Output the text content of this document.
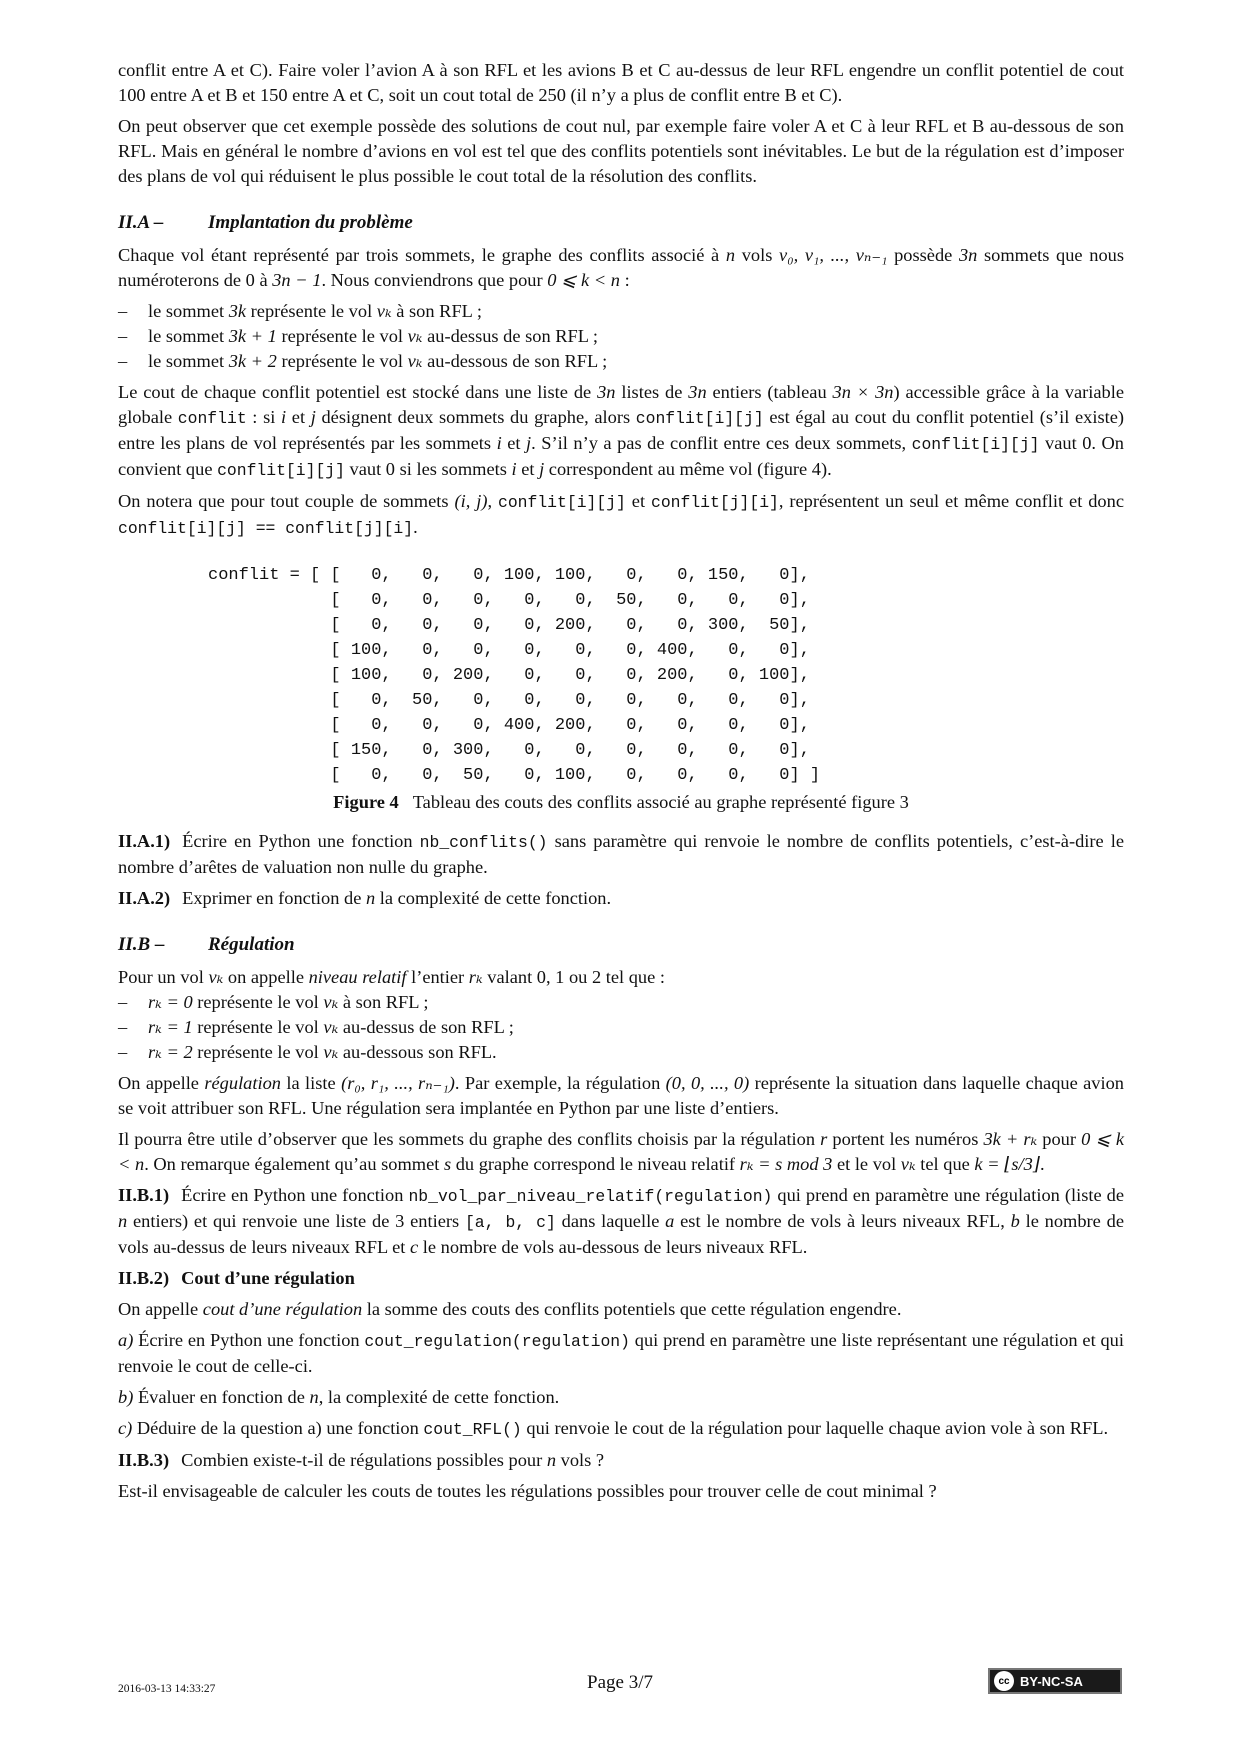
conflit entre A et C). Faire voler l’avion A à son RFL et les avions B et C au-dessus de leur RFL engendre un conflit potentiel de cout 100 entre A et B et 150 entre A et C, soit un cout total de 250 (il n’y a plus de conflit entre B et C).

On peut observer que cet exemple possède des solutions de cout nul, par exemple faire voler A et C à leur RFL et B au-dessous de son RFL. Mais en général le nombre d’avions en vol est tel que des conflits potentiels sont inévitables. Le but de la régulation est d’imposer des plans de vol qui réduisent le plus possible le cout total de la résolution des conflits.

II.A – Implantation du problème

Chaque vol étant représenté par trois sommets, le graphe des conflits associé à n vols v₀, v₁, ..., vₙ₋₁ possède 3n sommets que nous numéroterons de 0 à 3n − 1. Nous conviendrons que pour 0 ⩽ k < n :

– le sommet 3k représente le vol vₖ à son RFL ;
– le sommet 3k + 1 représente le vol vₖ au-dessus de son RFL ;
– le sommet 3k + 2 représente le vol vₖ au-dessous de son RFL ;

Le cout de chaque conflit potentiel est stocké dans une liste de 3n listes de 3n entiers (tableau 3n × 3n) accessible grâce à la variable globale conflit : si i et j désignent deux sommets du graphe, alors conflit[i][j] est égal au cout du conflit potentiel (s’il existe) entre les plans de vol représentés par les sommets i et j. S’il n’y a pas de conflit entre ces deux sommets, conflit[i][j] vaut 0. On convient que conflit[i][j] vaut 0 si les sommets i et j correspondent au même vol (figure 4).

On notera que pour tout couple de sommets (i, j), conflit[i][j] et conflit[j][i], représentent un seul et même conflit et donc conflit[i][j] == conflit[j][i].

conflit = [ [   0,   0,   0, 100, 100,   0,   0, 150,   0],
[   0,   0,   0,   0,   0,  50,   0,   0,   0],
[   0,   0,   0,   0, 200,   0,   0, 300,  50],
[ 100,   0,   0,   0,   0,   0, 400,   0,   0],
[ 100,   0, 200,   0,   0,   0, 200,   0, 100],
[   0,  50,   0,   0,   0,   0,   0,   0,   0],
[   0,   0,   0, 400, 200,   0,   0,   0,   0],
[ 150,   0, 300,   0,   0,   0,   0,   0,   0],
[   0,   0,  50,   0, 100,   0,   0,   0,   0] ]
Figure 4 Tableau des couts des conflits associé au graphe représenté figure 3

II.A.1) Écrire en Python une fonction nb_conflits() sans paramètre qui renvoie le nombre de conflits potentiels, c’est-à-dire le nombre d’arêtes de valuation non nulle du graphe.

II.A.2) Exprimer en fonction de n la complexité de cette fonction.

II.B – Régulation

Pour un vol vₖ on appelle niveau relatif l’entier rₖ valant 0, 1 ou 2 tel que :

– rₖ = 0 représente le vol vₖ à son RFL ;
– rₖ = 1 représente le vol vₖ au-dessus de son RFL ;
– rₖ = 2 représente le vol vₖ au-dessous son RFL.

On appelle régulation la liste (r₀, r₁, ..., rₙ₋₁). Par exemple, la régulation (0, 0, ..., 0) représente la situation dans laquelle chaque avion se voit attribuer son RFL. Une régulation sera implantée en Python par une liste d’entiers.

Il pourra être utile d’observer que les sommets du graphe des conflits choisis par la régulation r portent les numéros 3k + rₖ pour 0 ⩽ k < n. On remarque également qu’au sommet s du graphe correspond le niveau relatif rₖ = s mod 3 et le vol vₖ tel que k = ⌊s/3⌋.

II.B.1) Écrire en Python une fonction nb_vol_par_niveau_relatif(regulation) qui prend en paramètre une régulation (liste de n entiers) et qui renvoie une liste de 3 entiers [a, b, c] dans laquelle a est le nombre de vols à leurs niveaux RFL, b le nombre de vols au-dessus de leurs niveaux RFL et c le nombre de vols au-dessous de leurs niveaux RFL.

II.B.2) Cout d’une régulation

On appelle cout d’une régulation la somme des couts des conflits potentiels que cette régulation engendre.

a) Écrire en Python une fonction cout_regulation(regulation) qui prend en paramètre une liste représentant une régulation et qui renvoie le cout de celle-ci.

b) Évaluer en fonction de n, la complexité de cette fonction.

c) Déduire de la question a) une fonction cout_RFL() qui renvoie le cout de la régulation pour laquelle chaque avion vole à son RFL.

II.B.3) Combien existe-t-il de régulations possibles pour n vols ?

Est-il envisageable de calculer les couts de toutes les régulations possibles pour trouver celle de cout minimal ?

2016-03-13 14:33:27	Page 3/7	cc BY-NC-SA
